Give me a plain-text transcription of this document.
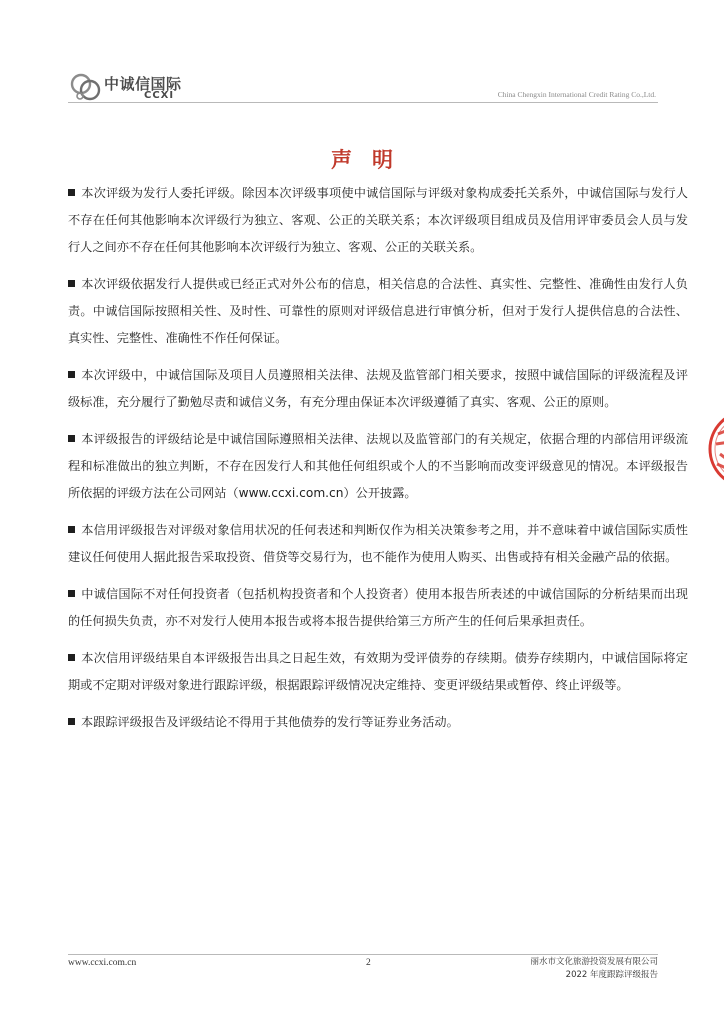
中诚信国际
CCXI	China Chengxin International Credit Rating Co.,Ltd.
声明

本次评级为发行人委托评级。除因本次评级事项使中诚信国际与评级对象构成委托关系外，中诚信国际与发行人不存在任何其他影响本次评级行为独立、客观、公正的关联关系；本次评级项目组成员及信用评审委员会人员与发行人之间亦不存在任何其他影响本次评级行为独立、客观、公正的关联关系。

本次评级依据发行人提供或已经正式对外公布的信息，相关信息的合法性、真实性、完整性、准确性由发行人负责。中诚信国际按照相关性、及时性、可靠性的原则对评级信息进行审慎分析，但对于发行人提供信息的合法性、真实性、完整性、准确性不作任何保证。

本次评级中，中诚信国际及项目人员遵照相关法律、法规及监管部门相关要求，按照中诚信国际的评级流程及评级标准，充分履行了勤勉尽责和诚信义务，有充分理由保证本次评级遵循了真实、客观、公正的原则。

本评级报告的评级结论是中诚信国际遵照相关法律、法规以及监管部门的有关规定，依据合理的内部信用评级流程和标准做出的独立判断，不存在因发行人和其他任何组织或个人的不当影响而改变评级意见的情况。本评级报告所依据的评级方法在公司网站（www.ccxi.com.cn）公开披露。

本信用评级报告对评级对象信用状况的任何表述和判断仅作为相关决策参考之用，并不意味着中诚信国际实质性建议任何使用人据此报告采取投资、借贷等交易行为，也不能作为使用人购买、出售或持有相关金融产品的依据。

中诚信国际不对任何投资者（包括机构投资者和个人投资者）使用本报告所表述的中诚信国际的分析结果而出现的任何损失负责，亦不对发行人使用本报告或将本报告提供给第三方所产生的任何后果承担责任。

本次信用评级结果自本评级报告出具之日起生效，有效期为受评债券的存续期。债券存续期内，中诚信国际将定期或不定期对评级对象进行跟踪评级，根据跟踪评级情况决定维持、变更评级结果或暂停、终止评级等。

本跟踪评级报告及评级结论不得用于其他债券的发行等证券业务活动。

www.ccxi.com.cn	2	丽水市文化旅游投资发展有限公司
2022 年度跟踪评级报告
